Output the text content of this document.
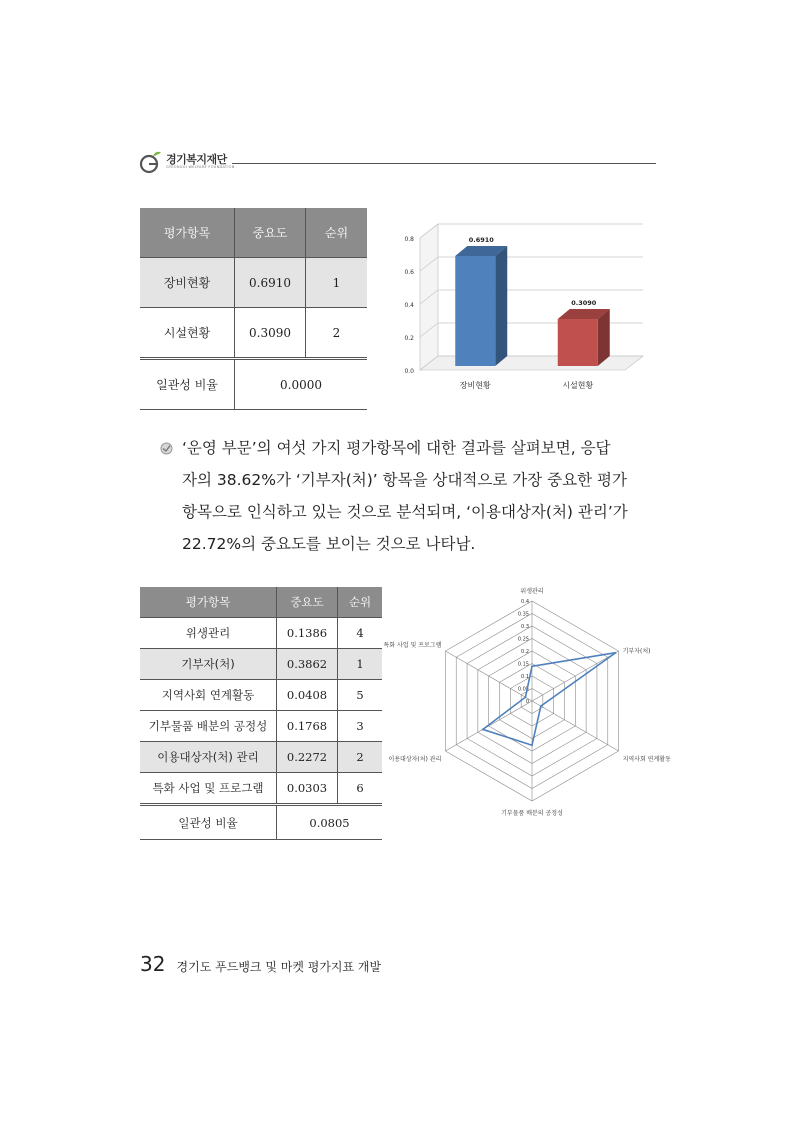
경기복지재단
GYEONGGI WELFARE FOUNDATION
평가항목	중요도	순위
장비현황	0.6910	1
시설현황	0.3090	2
일관성 비율	0.0000	
0.0
0.2
0.4
0.6
0.8	0.6910
장비현황
0.3090
시설현황
‘운영 부문’의 여섯 가지 평가항목에 대한 결과를 살펴보면, 응답
자의 38.62%가 ‘기부자(처)’ 항목을 상대적으로 가장 중요한 평가
항목으로 인식하고 있는 것으로 분석되며, ‘이용대상자(처) 관리’가
22.72%의 중요도를 보이는 것으로 나타남.
평가항목	중요도	순위
위생관리	0.1386	4
기부자(처)	0.3862	1
지역사회 연계활동	0.0408	5
기부물품 배분의 공정성	0.1768	3
이용대상자(처) 관리	0.2272	2
특화 사업 및 프로그램	0.0303	6
일관성 비율	0.0805	
0
0.05
0.1
0.15
0.2
0.25
0.3
0.35
0.4
위생관리
기부자(처)
지역사회 연계활동
기부물품 배분의 공정성
이용대상자(처) 관리
특화 사업 및 프로그램
32 경기도 푸드뱅크 및 마켓 평가지표 개발
